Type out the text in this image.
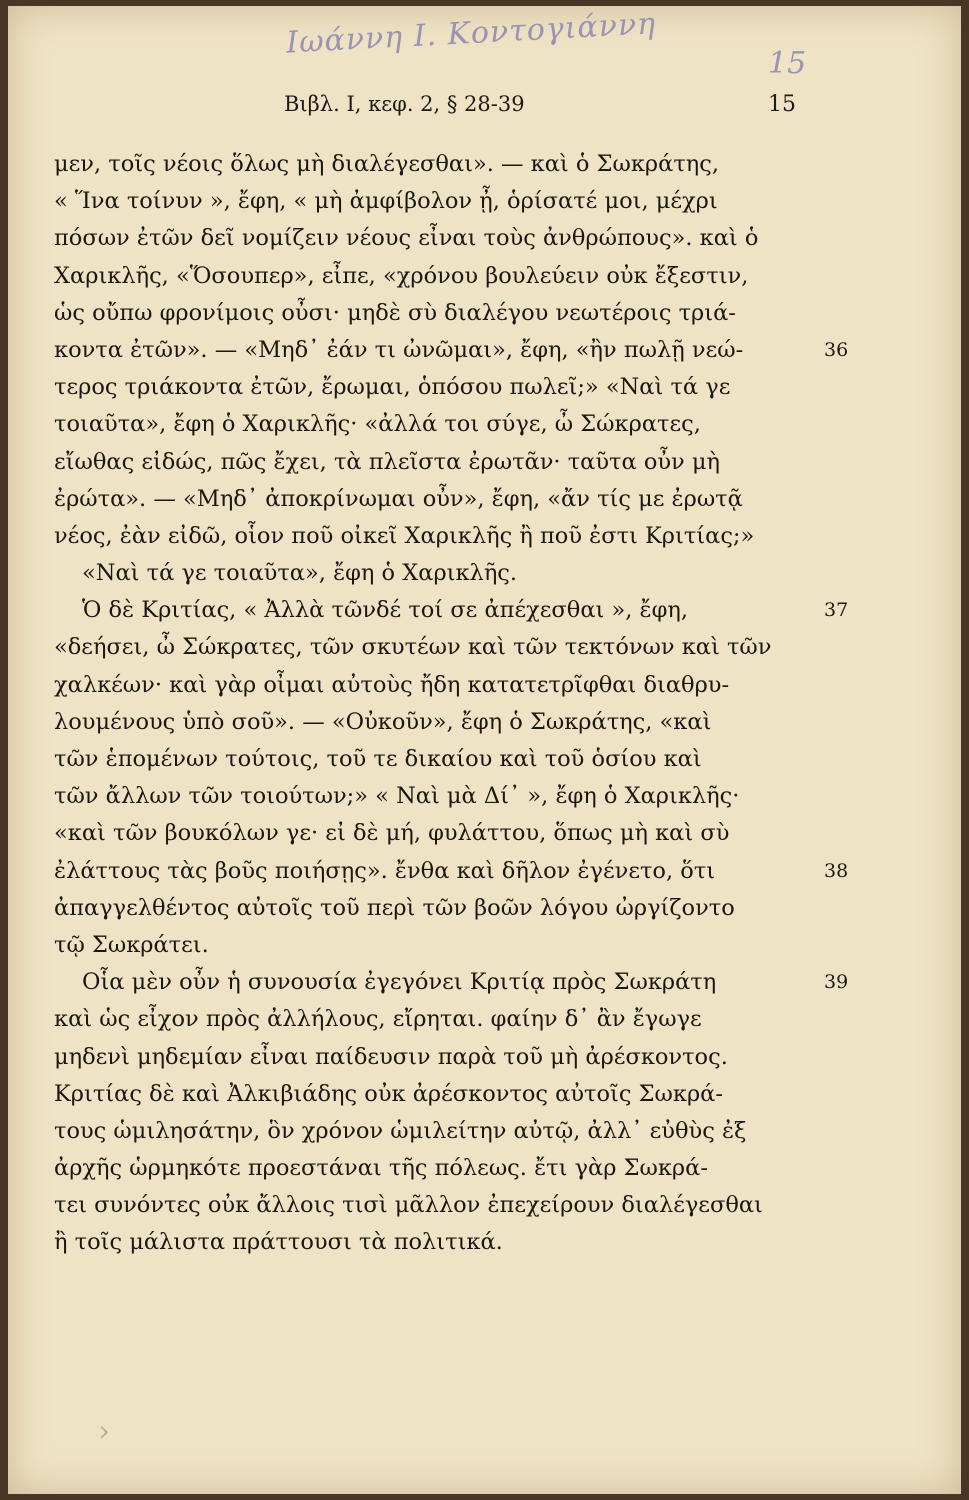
Ιωάννη Ι. Κοντογιάννη
15
Βιβλ. Ι, κεφ. 2, § 28-39	15
μεν, τοῖς νέοις ὅλως μὴ διαλέγεσθαι». — καὶ ὁ Σωκράτης,
« Ἵνα τοίνυν », ἔφη, « μὴ ἀμφίβολον ᾖ, ὁρίσατέ μοι, μέχρι
πόσων ἐτῶν δεῖ νομίζειν νέους εἶναι τοὺς ἀνθρώπους». καὶ ὁ
Χαρικλῆς, «Ὅσουπερ», εἶπε, «χρόνου βουλεύειν οὐκ ἔξεστιν,
ὡς οὔπω φρονίμοις οὖσι· μηδὲ σὺ διαλέγου νεωτέροις τριά-
κοντα ἐτῶν». — «Μηδ᾽ ἐάν τι ὠνῶμαι», ἔφη, «ἢν πωλῇ νεώ-	36
τερος τριάκοντα ἐτῶν, ἔρωμαι, ὁπόσου πωλεῖ;» «Ναὶ τά γε
τοιαῦτα», ἔφη ὁ Χαρικλῆς· «ἀλλά τοι σύγε, ὦ Σώκρατες,
εἴωθας εἰδώς, πῶς ἔχει, τὰ πλεῖστα ἐρωτᾶν· ταῦτα οὖν μὴ
ἐρώτα». — «Μηδ᾽ ἀποκρίνωμαι οὖν», ἔφη, «ἄν τίς με ἐρωτᾷ
νέος, ἐὰν εἰδῶ, οἷον ποῦ οἰκεῖ Χαρικλῆς ἢ ποῦ ἐστι Κριτίας;»
«Ναὶ τά γε τοιαῦτα», ἔφη ὁ Χαρικλῆς.
Ὁ δὲ Κριτίας, « Ἀλλὰ τῶνδέ τοί σε ἀπέχεσθαι », ἔφη,	37
«δεήσει, ὦ Σώκρατες, τῶν σκυτέων καὶ τῶν τεκτόνων καὶ τῶν
χαλκέων· καὶ γὰρ οἶμαι αὐτοὺς ἤδη κατατετρῖφθαι διαθρυ-
λουμένους ὑπὸ σοῦ». — «Οὐκοῦν», ἔφη ὁ Σωκράτης, «καὶ
τῶν ἑπομένων τούτοις, τοῦ τε δικαίου καὶ τοῦ ὁσίου καὶ
τῶν ἄλλων τῶν τοιούτων;» « Ναὶ μὰ Δί᾽ », ἔφη ὁ Χαρικλῆς·
«καὶ τῶν βουκόλων γε· εἰ δὲ μή, φυλάττου, ὅπως μὴ καὶ σὺ
ἐλάττους τὰς βοῦς ποιήσῃς». ἔνθα καὶ δῆλον ἐγένετο, ὅτι	38
ἀπαγγελθέντος αὐτοῖς τοῦ περὶ τῶν βοῶν λόγου ὠργίζοντο
τῷ Σωκράτει.
Οἷα μὲν οὖν ἡ συνουσία ἐγεγόνει Κριτίᾳ πρὸς Σωκράτη	39
καὶ ὡς εἶχον πρὸς ἀλλήλους, εἴρηται. φαίην δ᾽ ἂν ἔγωγε
μηδενὶ μηδεμίαν εἶναι παίδευσιν παρὰ τοῦ μὴ ἀρέσκοντος.
Κριτίας δὲ καὶ Ἀλκιβιάδης οὐκ ἀρέσκοντος αὐτοῖς Σωκρά-
τους ὡμιλησάτην, ὃν χρόνον ὡμιλείτην αὐτῷ, ἀλλ᾽ εὐθὺς ἐξ
ἀρχῆς ὡρμηκότε προεστάναι τῆς πόλεως. ἔτι γὰρ Σωκρά-
τει συνόντες οὐκ ἄλλοις τισὶ μᾶλλον ἐπεχείρουν διαλέγεσθαι
ἢ τοῖς μάλιστα πράττουσι τὰ πολιτικά.
›
